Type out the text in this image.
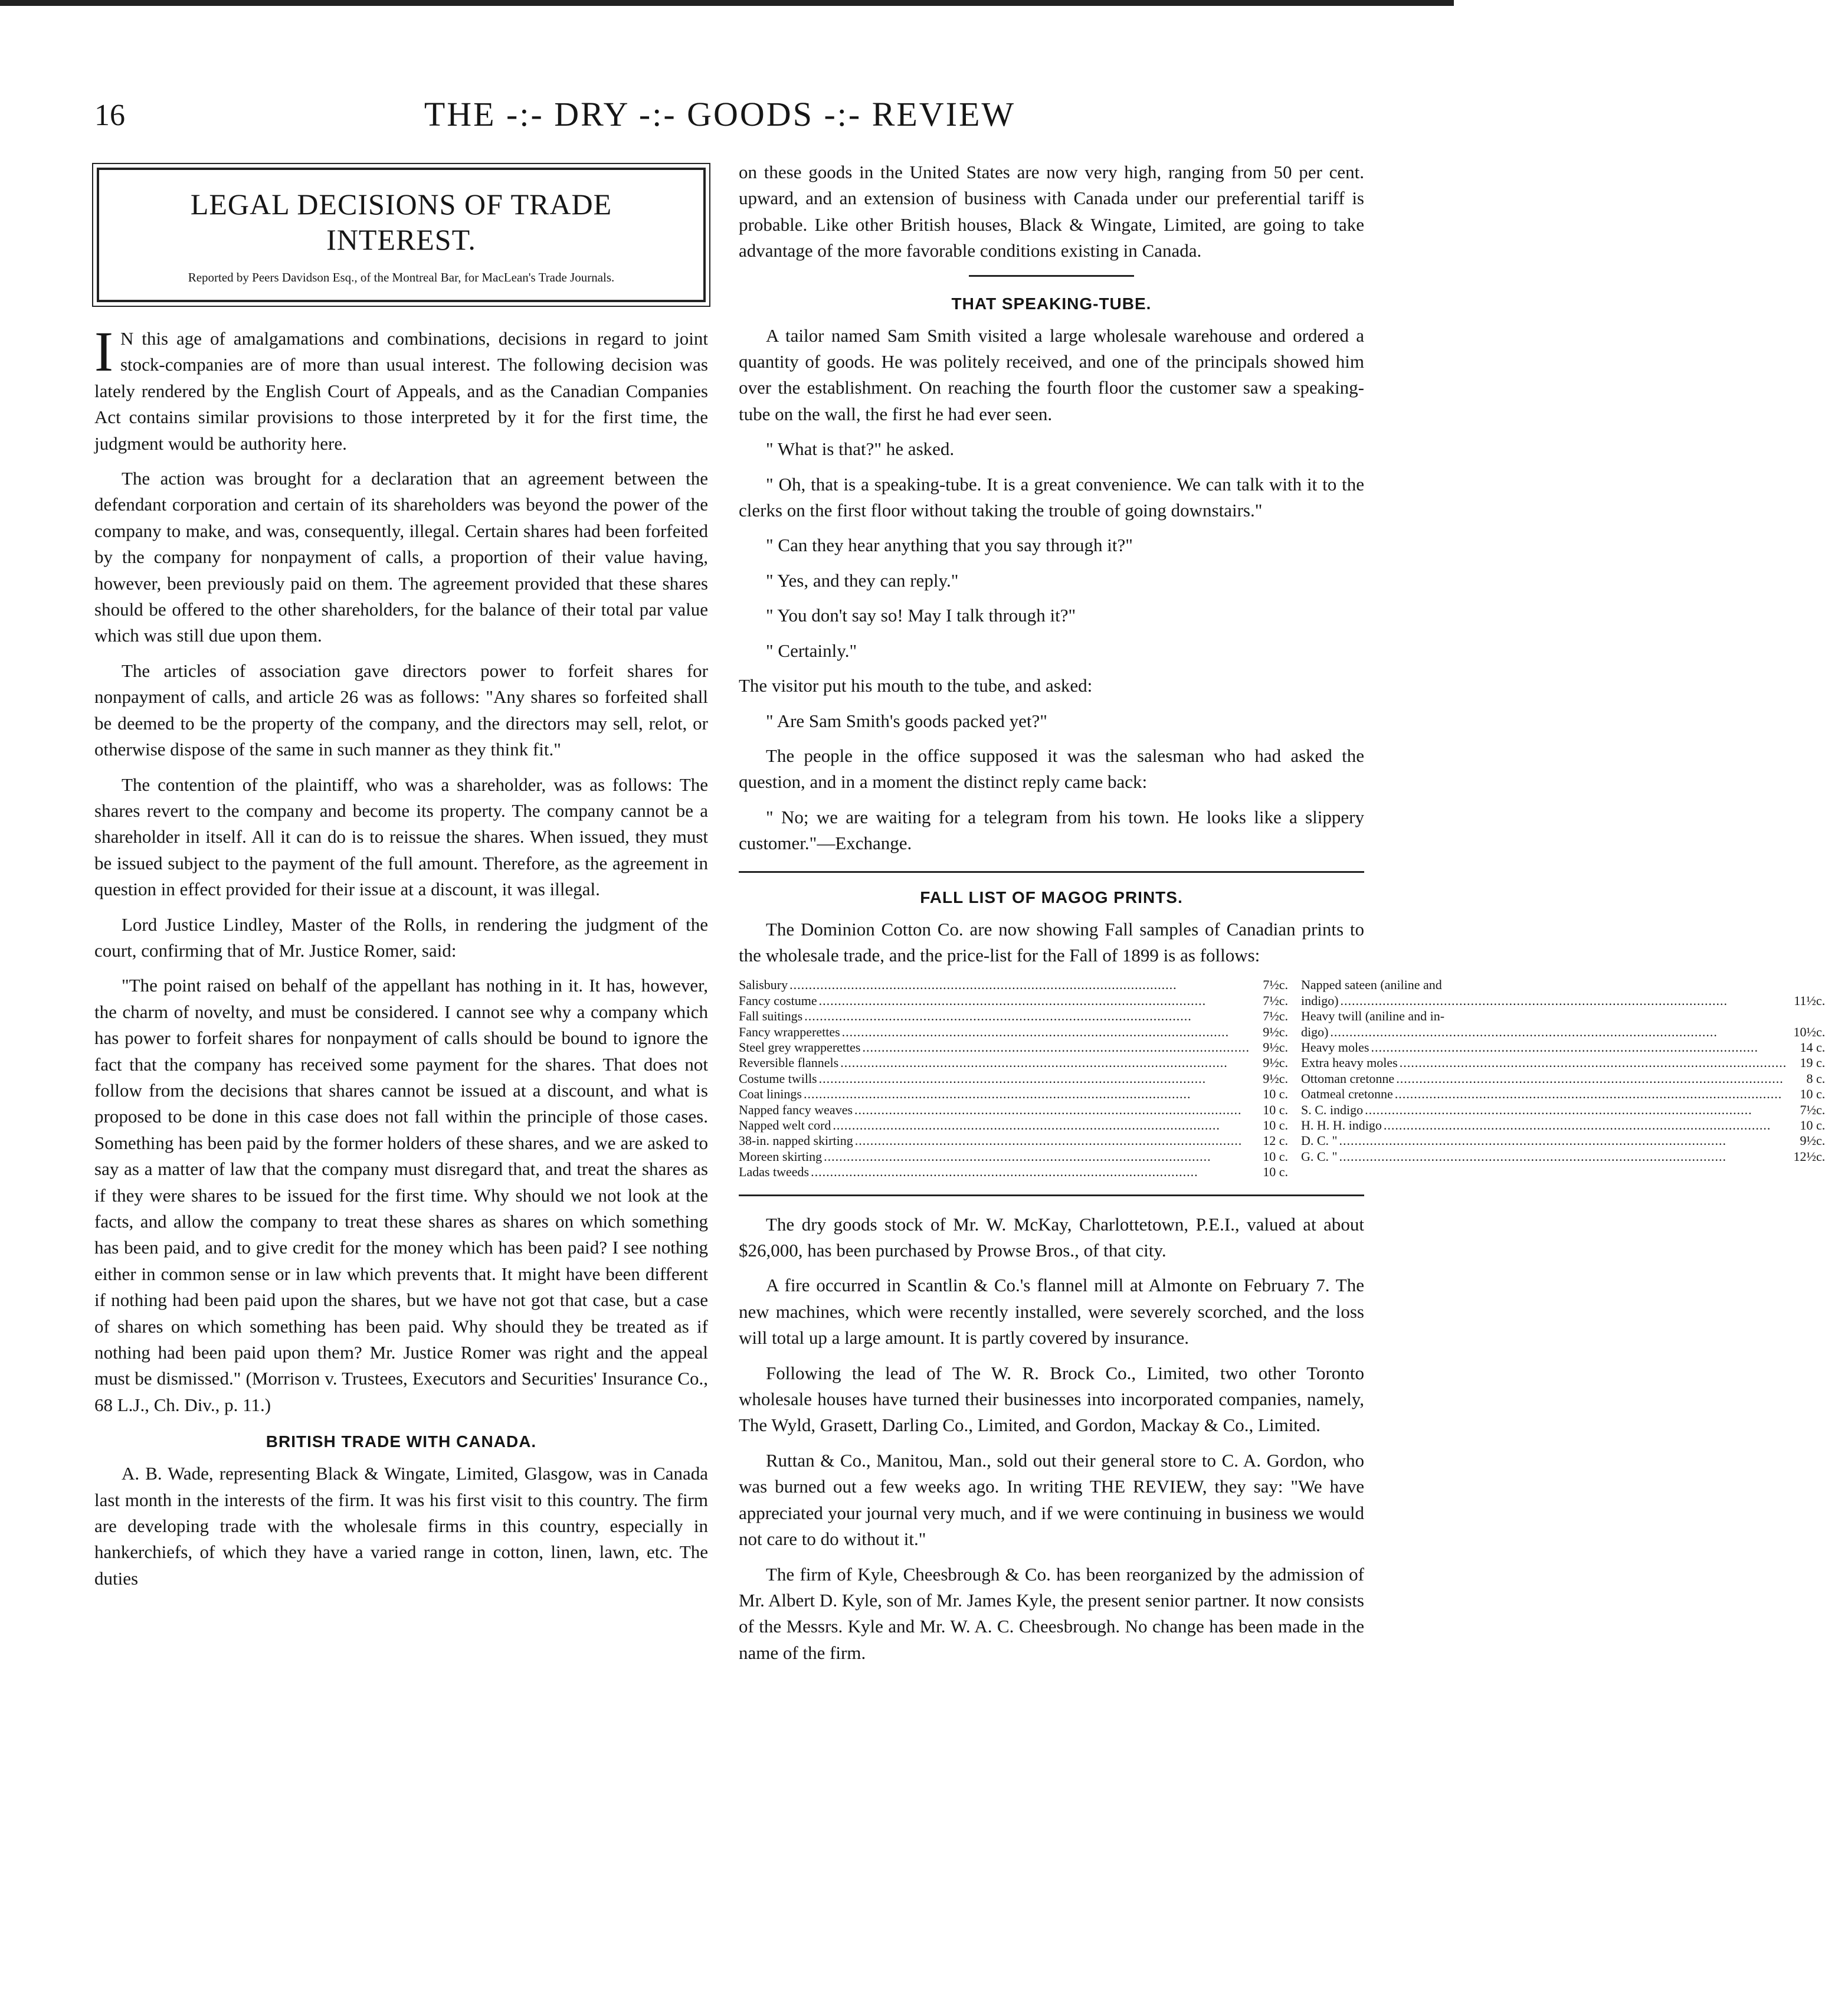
16	THE -:- DRY -:- GOODS -:- REVIEW
LEGAL DECISIONS OF TRADE INTEREST.
Reported by Peers Davidson Esq., of the Montreal Bar, for MacLean's Trade Journals.

I N this age of amalgamations and combinations, decisions in regard to joint stock-companies are of more than usual interest. The following decision was lately rendered by the English Court of Appeals, and as the Canadian Companies Act contains similar provisions to those interpreted by it for the first time, the judgment would be authority here.

The action was brought for a declaration that an agreement between the defendant corporation and certain of its shareholders was beyond the power of the company to make, and was, consequently, illegal. Certain shares had been forfeited by the company for nonpayment of calls, a proportion of their value having, however, been previously paid on them. The agreement provided that these shares should be offered to the other shareholders, for the balance of their total par value which was still due upon them.

The articles of association gave directors power to forfeit shares for nonpayment of calls, and article 26 was as follows: "Any shares so forfeited shall be deemed to be the property of the company, and the directors may sell, relot, or otherwise dispose of the same in such manner as they think fit."

The contention of the plaintiff, who was a shareholder, was as follows: The shares revert to the company and become its property. The company cannot be a shareholder in itself. All it can do is to reissue the shares. When issued, they must be issued subject to the payment of the full amount. Therefore, as the agreement in question in effect provided for their issue at a discount, it was illegal.

Lord Justice Lindley, Master of the Rolls, in rendering the judgment of the court, confirming that of Mr. Justice Romer, said:

"The point raised on behalf of the appellant has nothing in it. It has, however, the charm of novelty, and must be considered. I cannot see why a company which has power to forfeit shares for nonpayment of calls should be bound to ignore the fact that the company has received some payment for the shares. That does not follow from the decisions that shares cannot be issued at a discount, and what is proposed to be done in this case does not fall within the principle of those cases. Something has been paid by the former holders of these shares, and we are asked to say as a matter of law that the company must disregard that, and treat the shares as if they were shares to be issued for the first time. Why should we not look at the facts, and allow the company to treat these shares as shares on which something has been paid, and to give credit for the money which has been paid? I see nothing either in common sense or in law which prevents that. It might have been different if nothing had been paid upon the shares, but we have not got that case, but a case of shares on which something has been paid. Why should they be treated as if nothing had been paid upon them? Mr. Justice Romer was right and the appeal must be dismissed." (Morrison v. Trustees, Executors and Securities' Insurance Co., 68 L.J., Ch. Div., p. 11.)

BRITISH TRADE WITH CANADA.

A. B. Wade, representing Black & Wingate, Limited, Glasgow, was in Canada last month in the interests of the firm. It was his first visit to this country. The firm are developing trade with the wholesale firms in this country, especially in hankerchiefs, of which they have a varied range in cotton, linen, lawn, etc. The duties

on these goods in the United States are now very high, ranging from 50 per cent. upward, and an extension of business with Canada under our preferential tariff is probable. Like other British houses, Black & Wingate, Limited, are going to take advantage of the more favorable conditions existing in Canada.

THAT SPEAKING-TUBE.

A tailor named Sam Smith visited a large wholesale warehouse and ordered a quantity of goods. He was politely received, and one of the principals showed him over the establishment. On reaching the fourth floor the customer saw a speaking-tube on the wall, the first he had ever seen.

" What is that?" he asked.

" Oh, that is a speaking-tube. It is a great convenience. We can talk with it to the clerks on the first floor without taking the trouble of going downstairs."

" Can they hear anything that you say through it?"

" Yes, and they can reply."

" You don't say so! May I talk through it?"

" Certainly."

The visitor put his mouth to the tube, and asked:

" Are Sam Smith's goods packed yet?"

The people in the office supposed it was the salesman who had asked the question, and in a moment the distinct reply came back:

" No; we are waiting for a telegram from his town. He looks like a slippery customer."—Exchange.

FALL LIST OF MAGOG PRINTS.

The Dominion Cotton Co. are now showing Fall samples of Canadian prints to the wholesale trade, and the price-list for the Fall of 1899 is as follows:

Salisbury .....	7½c.
Fancy costume .....	7½c.
Fall suitings .....	7½c.
Fancy wrapperettes .....	9½c.
Steel grey wrapperettes .....	9½c.
Reversible flannels .....	9½c.
Costume twills .....	9½c.
Coat linings .....	10 c.
Napped fancy weaves .....	10 c.
Napped welt cord .....	10 c.
38-in. napped skirting .....	12 c.
Moreen skirting .....	10 c.
Ladas tweeds .....	10 c.
Napped sateen (aniline and
indigo) .....	11½c.
Heavy twill (aniline and in-
digo) .....	10½c.
Heavy moles .....	14 c.
Extra heavy moles .....	19 c.
Ottoman cretonne .....	8 c.
Oatmeal cretonne .....	10 c.
S. C. indigo .....	7½c.
H. H. H. indigo .....	10 c.
D. C. " .....	9½c.
G. C. " .....	12½c.

The dry goods stock of Mr. W. McKay, Charlottetown, P.E.I., valued at about $26,000, has been purchased by Prowse Bros., of that city.

A fire occurred in Scantlin & Co.'s flannel mill at Almonte on February 7. The new machines, which were recently installed, were severely scorched, and the loss will total up a large amount. It is partly covered by insurance.

Following the lead of The W. R. Brock Co., Limited, two other Toronto wholesale houses have turned their businesses into incorporated companies, namely, The Wyld, Grasett, Darling Co., Limited, and Gordon, Mackay & Co., Limited.

Ruttan & Co., Manitou, Man., sold out their general store to C. A. Gordon, who was burned out a few weeks ago. In writing THE REVIEW, they say: "We have appreciated your journal very much, and if we were continuing in business we would not care to do without it."

The firm of Kyle, Cheesbrough & Co. has been reorganized by the admission of Mr. Albert D. Kyle, son of Mr. James Kyle, the present senior partner. It now consists of the Messrs. Kyle and Mr. W. A. C. Cheesbrough. No change has been made in the name of the firm.
